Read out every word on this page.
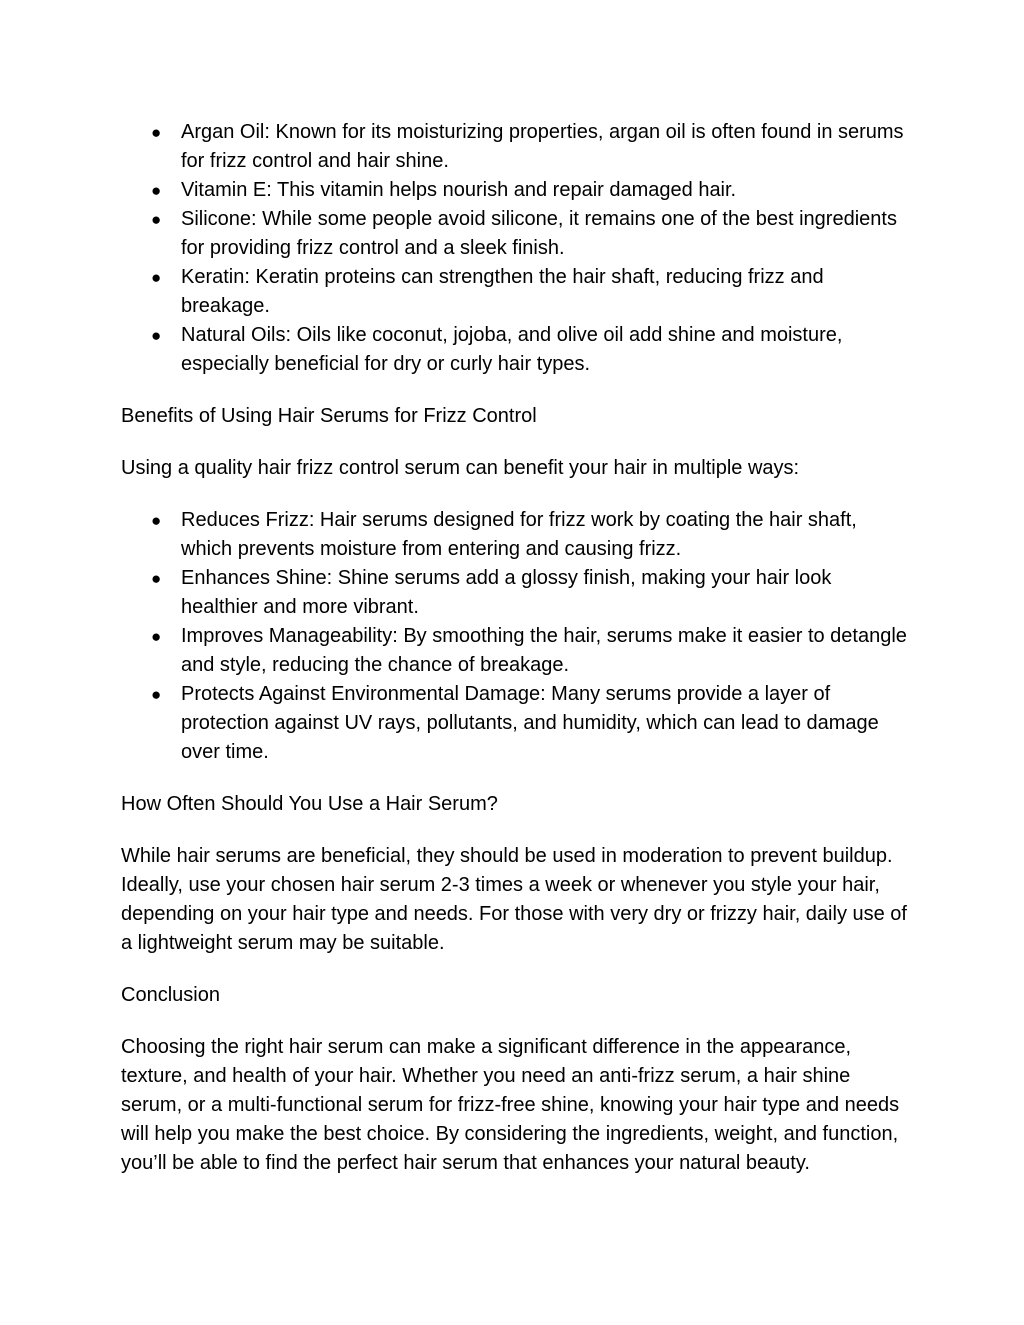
● Argan Oil: Known for its moisturizing properties, argan oil is often found in serums for frizz control and hair shine.
● Vitamin E: This vitamin helps nourish and repair damaged hair.
● Silicone: While some people avoid silicone, it remains one of the best ingredients for providing frizz control and a sleek finish.
● Keratin: Keratin proteins can strengthen the hair shaft, reducing frizz and breakage.
● Natural Oils: Oils like coconut, jojoba, and olive oil add shine and moisture, especially beneficial for dry or curly hair types.
Benefits of Using Hair Serums for Frizz Control

Using a quality hair frizz control serum can benefit your hair in multiple ways:

● Reduces Frizz: Hair serums designed for frizz work by coating the hair shaft, which prevents moisture from entering and causing frizz.
● Enhances Shine: Shine serums add a glossy finish, making your hair look healthier and more vibrant.
● Improves Manageability: By smoothing the hair, serums make it easier to detangle and style, reducing the chance of breakage.
● Protects Against Environmental Damage: Many serums provide a layer of protection against UV rays, pollutants, and humidity, which can lead to damage over time.
How Often Should You Use a Hair Serum?

While hair serums are beneficial, they should be used in moderation to prevent buildup. Ideally, use your chosen hair serum 2-3 times a week or whenever you style your hair, depending on your hair type and needs. For those with very dry or frizzy hair, daily use of a lightweight serum may be suitable.

Conclusion

Choosing the right hair serum can make a significant difference in the appearance, texture, and health of your hair. Whether you need an anti-frizz serum, a hair shine serum, or a multi-functional serum for frizz-free shine, knowing your hair type and needs will help you make the best choice. By considering the ingredients, weight, and function, you’ll be able to find the perfect hair serum that enhances your natural beauty.
